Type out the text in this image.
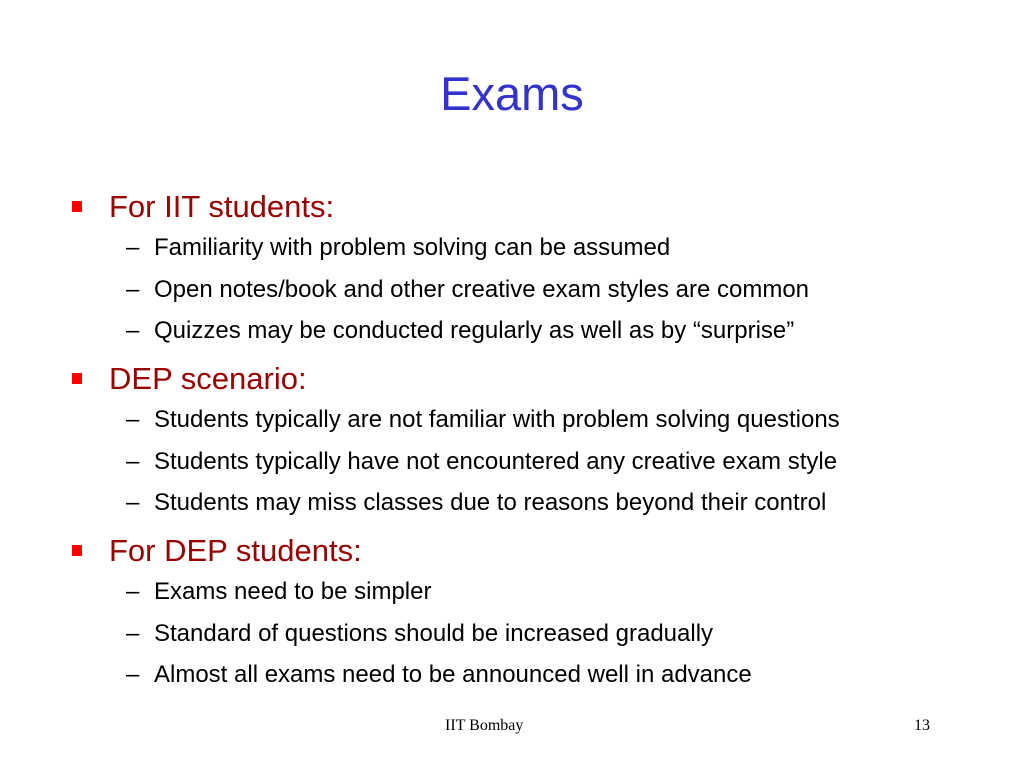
Exams
For IIT students:
– Familiarity with problem solving can be assumed
– Open notes/book and other creative exam styles are common
– Quizzes may be conducted regularly as well as by “surprise”
DEP scenario:
– Students typically are not familiar with problem solving questions
– Students typically have not encountered any creative exam style
– Students may miss classes due to reasons beyond their control
For DEP students:
– Exams need to be simpler
– Standard of questions should be increased gradually
– Almost all exams need to be announced well in advance
IIT Bombay	13
